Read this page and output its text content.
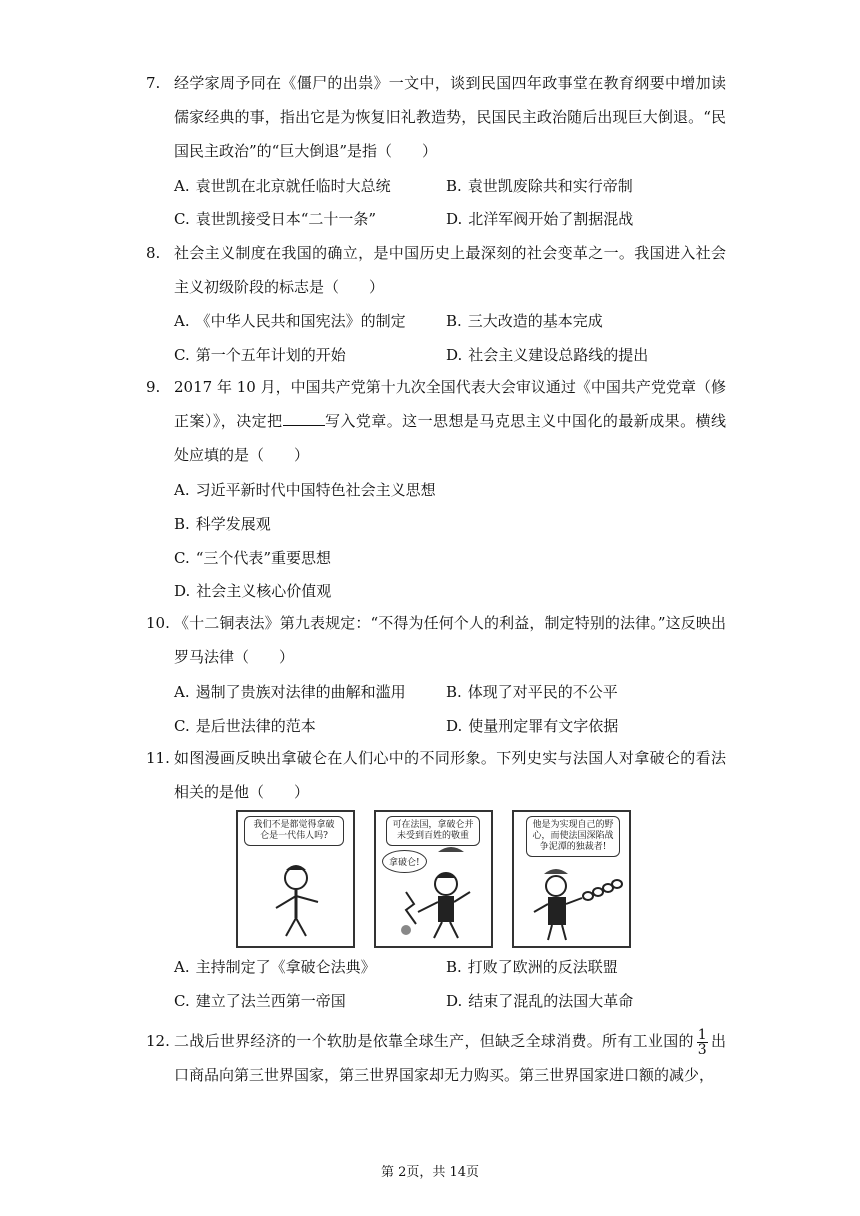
7. 经学家周予同在《僵尸的出祟》一文中，谈到民国四年政事堂在教育纲要中增加读儒家经典的事，指出它是为恢复旧礼教造势，民国民主政治随后出现巨大倒退。“民国民主政治”的“巨大倒退”是指（　　）
A. 袁世凯在北京就任临时大总统	B. 袁世凯废除共和实行帝制
C. 袁世凯接受日本“二十一条”	D. 北洋军阀开始了割据混战
8. 社会主义制度在我国的确立，是中国历史上最深刻的社会变革之一。我国进入社会主义初级阶段的标志是（　　）
A. 《中华人民共和国宪法》的制定	B. 三大改造的基本完成
C. 第一个五年计划的开始	D. 社会主义建设总路线的提出
9. 2017 年 10 月，中国共产党第十九次全国代表大会审议通过《中国共产党党章（修正案）》，决定把	写入党章。这一思想是马克思主义中国化的最新成果。横线处应填的是（　　）
A. 习近平新时代中国特色社会主义思想
B. 科学发展观
C. “三个代表”重要思想
D. 社会主义核心价值观
10. 《十二铜表法》第九表规定：“不得为任何个人的利益，制定特别的法律。”这反映出罗马法律（　　）
A. 遏制了贵族对法律的曲解和滥用	B. 体现了对平民的不公平
C. 是后世法律的范本	D. 使量刑定罪有文字依据
11. 如图漫画反映出拿破仑在人们心中的不同形象。下列史实与法国人对拿破仑的看法相关的是他（　　）
我们不是都觉得拿破仑是一代伟人吗?
可在法国，拿破仑并未受到百姓的敬重
拿破仑!
他是为实现自己的野心，而使法国深陷战争泥潭的独裁者!
A. 主持制定了《拿破仑法典》	B. 打败了欧洲的反法联盟
C. 建立了法兰西第一帝国	D. 结束了混乱的法国大革命
12. 二战后世界经济的一个软肋是依靠全球生产，但缺乏全球消费。所有工业国的 $\frac{1}{3}$ 出口商品向第三世界国家，第三世界国家却无力购买。第三世界国家进口额的减少，
第 2页，共 14页
